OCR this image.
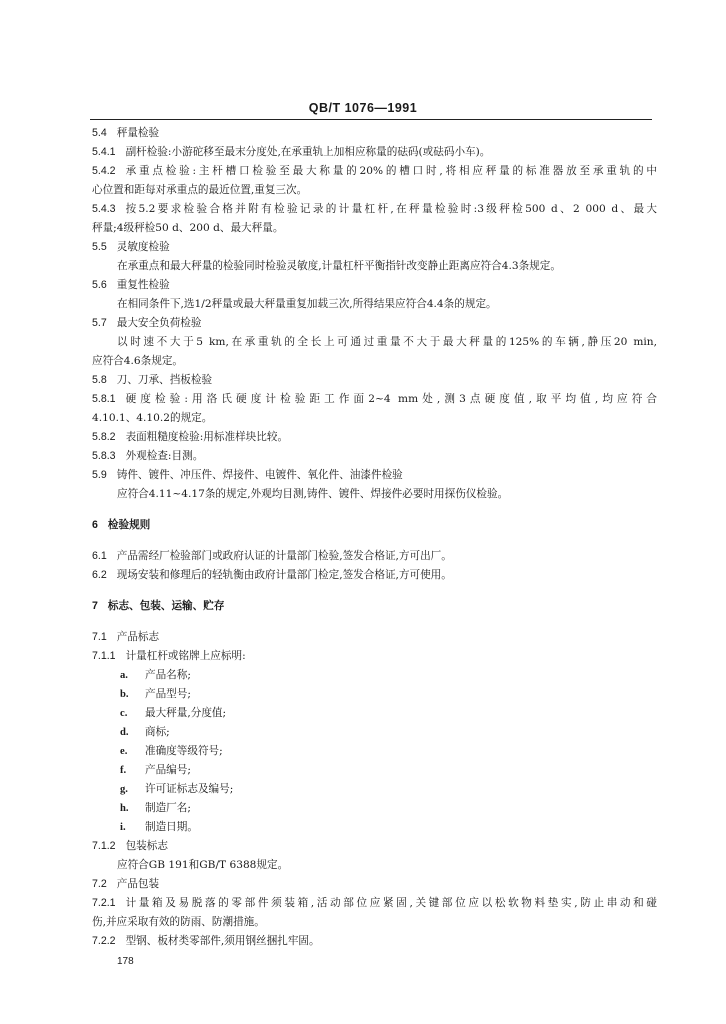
QB/T 1076—1991
5.4 秤量检验
5.4.1 副杆检验:小游砣移至最末分度处,在承重轨上加相应称量的砝码(或砝码小车)。
5.4.2 承重点检验:主杆槽口检验至最大称量的20%的槽口时,将相应秤量的标准器放至承重轨的中
心位置和距每对承重点的最近位置,重复三次。
5.4.3 按5.2要求检验合格并附有检验记录的计量杠杆,在秤量检验时:3级秤检500 d、2 000 d、最大
秤量;4级秤检50 d、200 d、最大秤量。
5.5 灵敏度检验
在承重点和最大秤量的检验同时检验灵敏度,计量杠杆平衡指针改变静止距离应符合4.3条规定。
5.6 重复性检验
在相同条件下,选1/2秤量或最大秤量重复加载三次,所得结果应符合4.4条的规定。
5.7 最大安全负荷检验
以时速不大于5 km,在承重轨的全长上可通过重量不大于最大秤量的125%的车辆,静压20 min,
应符合4.6条规定。
5.8 刀、刀承、挡板检验
5.8.1 硬度检验:用洛氏硬度计检验距工作面2~4 mm处,测3点硬度值,取平均值,均应符合
4.10.1、4.10.2的规定。
5.8.2 表面粗糙度检验:用标准样块比较。
5.8.3 外观检查:目测。
5.9 铸件、镀件、冲压件、焊接件、电镀件、氧化件、油漆件检验
应符合4.11~4.17条的规定,外观均目测,铸件、镀件、焊接件必要时用探伤仪检验。
6 检验规则
6.1 产品需经厂检验部门或政府认证的计量部门检验,签发合格证,方可出厂。
6.2 现场安装和修理后的轻轨衡由政府计量部门检定,签发合格证,方可使用。
7 标志、包装、运输、贮存
7.1 产品标志
7.1.1 计量杠杆或铭牌上应标明:
a. 产品名称;
b. 产品型号;
c. 最大秤量,分度值;
d. 商标;
e. 准确度等级符号;
f. 产品编号;
g. 许可证标志及编号;
h. 制造厂名;
i. 制造日期。
7.1.2 包装标志
应符合GB 191和GB/T 6388规定。
7.2 产品包装
7.2.1 计量箱及易脱落的零部件须装箱,活动部位应紧固,关键部位应以松软物料垫实,防止串动和碰
伤,并应采取有效的防雨、防潮措施。
7.2.2 型钢、板材类零部件,须用钢丝捆扎牢固。
178
